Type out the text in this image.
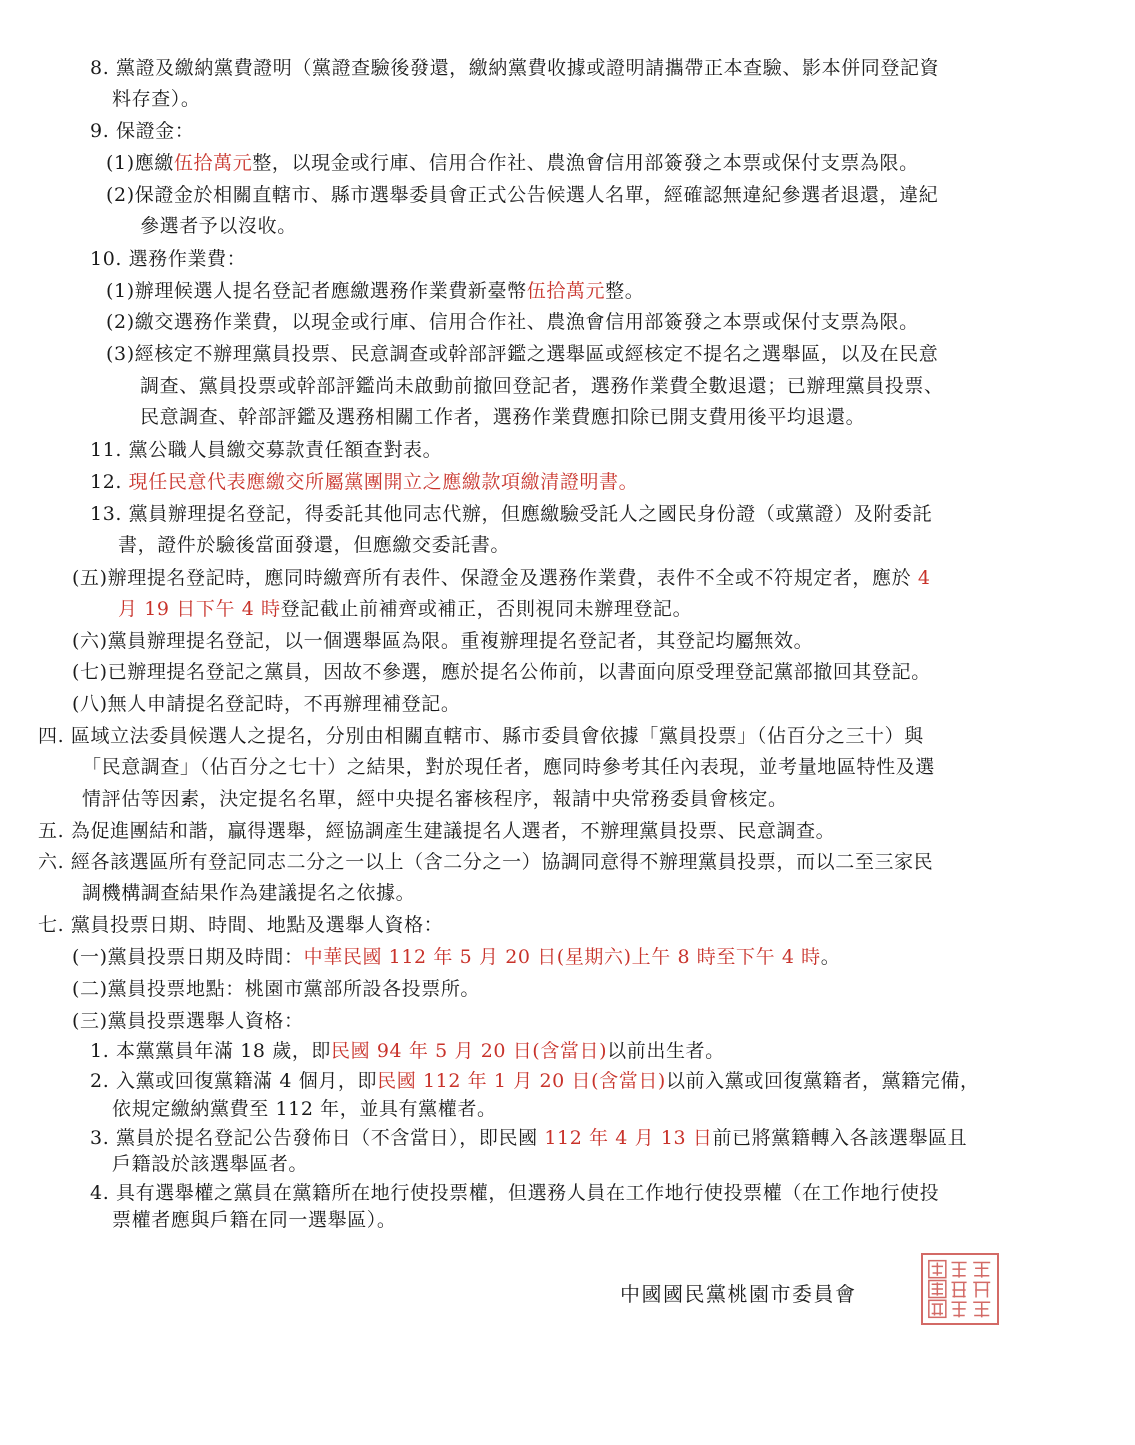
8. 黨證及繳納黨費證明（黨證查驗後發還，繳納黨費收據或證明請攜帶正本查驗、影本併同登記資
料存查）。
9. 保證金：
(1)應繳伍拾萬元整，以現金或行庫、信用合作社、農漁會信用部簽發之本票或保付支票為限。
(2)保證金於相關直轄市、縣市選舉委員會正式公告候選人名單，經確認無違紀參選者退還，違紀
參選者予以沒收。
10. 選務作業費：
(1)辦理候選人提名登記者應繳選務作業費新臺幣伍拾萬元整。
(2)繳交選務作業費，以現金或行庫、信用合作社、農漁會信用部簽發之本票或保付支票為限。
(3)經核定不辦理黨員投票、民意調查或幹部評鑑之選舉區或經核定不提名之選舉區，以及在民意
調查、黨員投票或幹部評鑑尚未啟動前撤回登記者，選務作業費全數退還；已辦理黨員投票、
民意調查、幹部評鑑及選務相關工作者，選務作業費應扣除已開支費用後平均退還。
11. 黨公職人員繳交募款責任額查對表。
12. 現任民意代表應繳交所屬黨團開立之應繳款項繳清證明書。
13. 黨員辦理提名登記，得委託其他同志代辦，但應繳驗受託人之國民身份證（或黨證）及附委託
書，證件於驗後當面發還，但應繳交委託書。
(五)辦理提名登記時，應同時繳齊所有表件、保證金及選務作業費，表件不全或不符規定者，應於 4
月 19 日下午 4 時登記截止前補齊或補正，否則視同未辦理登記。
(六)黨員辦理提名登記，以一個選舉區為限。重複辦理提名登記者，其登記均屬無效。
(七)已辦理提名登記之黨員，因故不參選，應於提名公佈前，以書面向原受理登記黨部撤回其登記。
(八)無人申請提名登記時，不再辦理補登記。
四. 區域立法委員候選人之提名，分別由相關直轄市、縣市委員會依據「黨員投票」（佔百分之三十）與
「民意調查」（佔百分之七十）之結果，對於現任者，應同時參考其任內表現，並考量地區特性及選
情評估等因素，決定提名名單，經中央提名審核程序，報請中央常務委員會核定。
五. 為促進團結和諧，贏得選舉，經協調產生建議提名人選者，不辦理黨員投票、民意調查。
六. 經各該選區所有登記同志二分之一以上（含二分之一）協調同意得不辦理黨員投票，而以二至三家民
調機構調查結果作為建議提名之依據。
七. 黨員投票日期、時間、地點及選舉人資格：
(一)黨員投票日期及時間：中華民國 112 年 5 月 20 日(星期六)上午 8 時至下午 4 時。
(二)黨員投票地點：桃園市黨部所設各投票所。
(三)黨員投票選舉人資格：
1. 本黨黨員年滿 18 歲，即民國 94 年 5 月 20 日(含當日)以前出生者。
2. 入黨或回復黨籍滿 4 個月，即民國 112 年 1 月 20 日(含當日)以前入黨或回復黨籍者，黨籍完備，
依規定繳納黨費至 112 年，並具有黨權者。
3. 黨員於提名登記公告發佈日（不含當日），即民國 112 年 4 月 13 日前已將黨籍轉入各該選舉區且
戶籍設於該選舉區者。
4. 具有選舉權之黨員在黨籍所在地行使投票權，但選務人員在工作地行使投票權（在工作地行使投
票權者應與戶籍在同一選舉區）。
中國國民黨桃園市委員會
